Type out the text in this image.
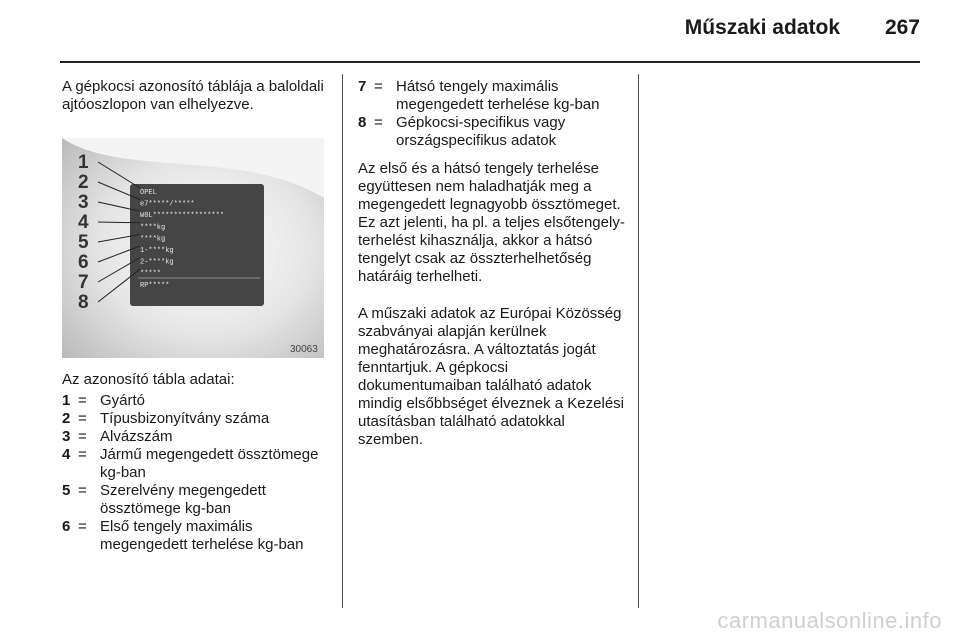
Műszaki adatok 267

A gépkocsi azonosító táblája a baloldali ajtóoszlopon van elhelyezve.

OPEL
e7*****/*****
W0L*****************
****kg
****kg
1-****kg
2-****kg
*****
RP*****
1
2
3
4
5
6
7
8
30063
Az azonosító tábla adatai:
1 = Gyártó
2 = Típusbizonyítvány száma
3 = Alvázszám
4 = Jármű megengedett össztömege kg-ban
5 = Szerelvény megengedett össztömege kg-ban
6 = Első tengely maximális megengedett terhelése kg-ban
7 = Hátsó tengely maximális megengedett terhelése kg-ban
8 = Gépkocsi-specifikus vagy országspecifikus adatok
Az első és a hátsó tengely terhelése együttesen nem haladhatják meg a megengedett legnagyobb össztömeget. Ez azt jelenti, ha pl. a teljes elsőtengely-terhelést kihasználja, akkor a hátsó tengelyt csak az összterhelhetőség határáig terhelheti.
A műszaki adatok az Európai Közösség szabványai alapján kerülnek meghatározásra. A változtatás jogát fenntartjuk. A gépkocsi dokumentumaiban található adatok mindig elsőbbséget élveznek a Kezelési utasításban található adatokkal szemben.
carmanualsonline.info
